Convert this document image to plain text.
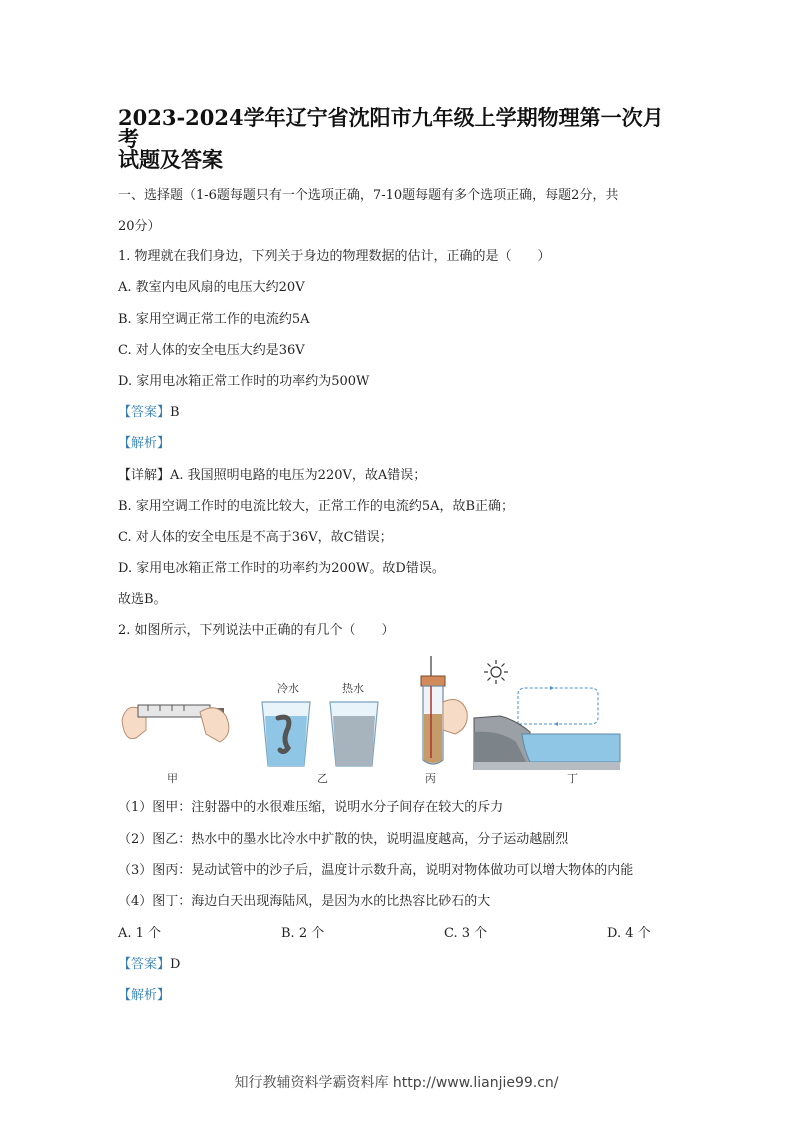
2023-2024学年辽宁省沈阳市九年级上学期物理第一次月考
试题及答案
一、选择题（1-6题每题只有一个选项正确，7-10题每题有多个选项正确，每题2分，共
20分）
1. 物理就在我们身边，下列关于身边的物理数据的估计，正确的是（　　）
A. 教室内电风扇的电压大约20V
B. 家用空调正常工作的电流约5A
C. 对人体的安全电压大约是36V
D. 家用电冰箱正常工作时的功率约为500W
【答案】B
【解析】
【详解】A. 我国照明电路的电压为220V，故A错误；
B. 家用空调工作时的电流比较大，正常工作的电流约5A，故B正确；
C. 对人体的安全电压是不高于36V，故C错误；
D. 家用电冰箱正常工作时的功率约为200W。故D错误。
故选B。
2. 如图所示，下列说法中正确的有几个（　　）
甲
冷水	热水
乙	丙	丁
（1）图甲：注射器中的水很难压缩，说明水分子间存在较大的斥力
（2）图乙：热水中的墨水比冷水中扩散的快，说明温度越高，分子运动越剧烈
（3）图丙：晃动试管中的沙子后，温度计示数升高，说明对物体做功可以增大物体的内能
（4）图丁：海边白天出现海陆风，是因为水的比热容比砂石的大
A. 1 个	B. 2 个	C. 3 个	D. 4 个
【答案】D
【解析】
知行教辅资料学霸资料库 http://www.lianjie99.cn/
